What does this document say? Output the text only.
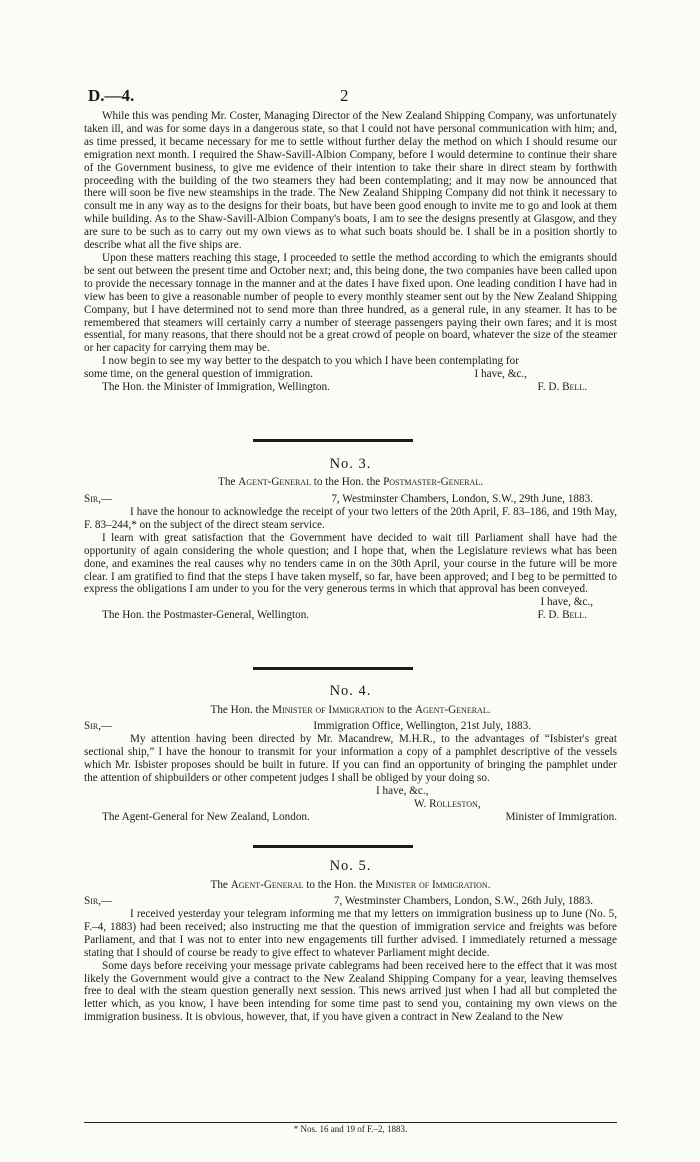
D.—4.	2

While this was pending Mr. Coster, Managing Director of the New Zealand Shipping Company, was unfortunately taken ill, and was for some days in a dangerous state, so that I could not have personal communication with him; and, as time pressed, it became necessary for me to settle without further delay the method on which I should resume our emigration next month. I required the Shaw-Savill-Albion Company, before I would determine to continue their share of the Government business, to give me evidence of their intention to take their share in direct steam by forthwith proceeding with the building of the two steamers they had been contemplating; and it may now be announced that there will soon be five new steamships in the trade. The New Zealand Shipping Company did not think it necessary to consult me in any way as to the designs for their boats, but have been good enough to invite me to go and look at them while building. As to the Shaw-Savill-Albion Company's boats, I am to see the designs presently at Glasgow, and they are sure to be such as to carry out my own views as to what such boats should be. I shall be in a position shortly to describe what all the five ships are.

Upon these matters reaching this stage, I proceeded to settle the method according to which the emigrants should be sent out between the present time and October next; and, this being done, the two companies have been called upon to provide the necessary tonnage in the manner and at the dates I have fixed upon. One leading condition I have had in view has been to give a reasonable number of people to every monthly steamer sent out by the New Zealand Shipping Company, but I have determined not to send more than three hundred, as a general rule, in any steamer. It has to be remembered that steamers will certainly carry a number of steerage passengers paying their own fares; and it is most essential, for many reasons, that there should not be a great crowd of people on board, whatever the size of the steamer or her capacity for carrying them may be.

I now begin to see my way better to the despatch to you which I have been contemplating for
some time, on the general question of immigration.	I have, &c.,
The Hon. the Minister of Immigration, Wellington.	F. D. Bell.
No. 3.
The Agent-General to the Hon. the Postmaster-General.
Sir,—	7, Westminster Chambers, London, S.W., 29th June, 1883.

I have the honour to acknowledge the receipt of your two letters of the 20th April, F. 83–186, and 19th May, F. 83–244,* on the subject of the direct steam service.

I learn with great satisfaction that the Government have decided to wait till Parliament shall have had the opportunity of again considering the whole question; and I hope that, when the Legislature reviews what has been done, and examines the real causes why no tenders came in on the 30th April, your course in the future will be more clear. I am gratified to find that the steps I have taken myself, so far, have been approved; and I beg to be permitted to express the obligations I am under to you for the very generous terms in which that approval has been conveyed.

I have, &c.,
The Hon. the Postmaster-General, Wellington.	F. D. Bell.
No. 4.
The Hon. the Minister of Immigration to the Agent-General.
Sir,—	Immigration Office, Wellington, 21st July, 1883.

My attention having been directed by Mr. Macandrew, M.H.R., to the advantages of “Isbister's great sectional ship,” I have the honour to transmit for your information a copy of a pamphlet descriptive of the vessels which Mr. Isbister proposes should be built in future. If you can find an opportunity of bringing the pamphlet under the attention of shipbuilders or other competent judges I shall be obliged by your doing so.

I have, &c.,
W. Rolleston,
The Agent-General for New Zealand, London.	Minister of Immigration.
No. 5.
The Agent-General to the Hon. the Minister of Immigration.
Sir,—	7, Westminster Chambers, London, S.W., 26th July, 1883.

I received yesterday your telegram informing me that my letters on immigration business up to June (No. 5, F.–4, 1883) had been received; also instructing me that the question of immigration service and freights was before Parliament, and that I was not to enter into new engagements till further advised. I immediately returned a message stating that I should of course be ready to give effect to whatever Parliament might decide.

Some days before receiving your message private cablegrams had been received here to the effect that it was most likely the Government would give a contract to the New Zealand Shipping Company for a year, leaving themselves free to deal with the steam question generally next session. This news arrived just when I had all but completed the letter which, as you know, I have been intending for some time past to send you, containing my own views on the immigration business. It is obvious, however, that, if you have given a contract in New Zealand to the New

* Nos. 16 and 19 of F.–2, 1883.
